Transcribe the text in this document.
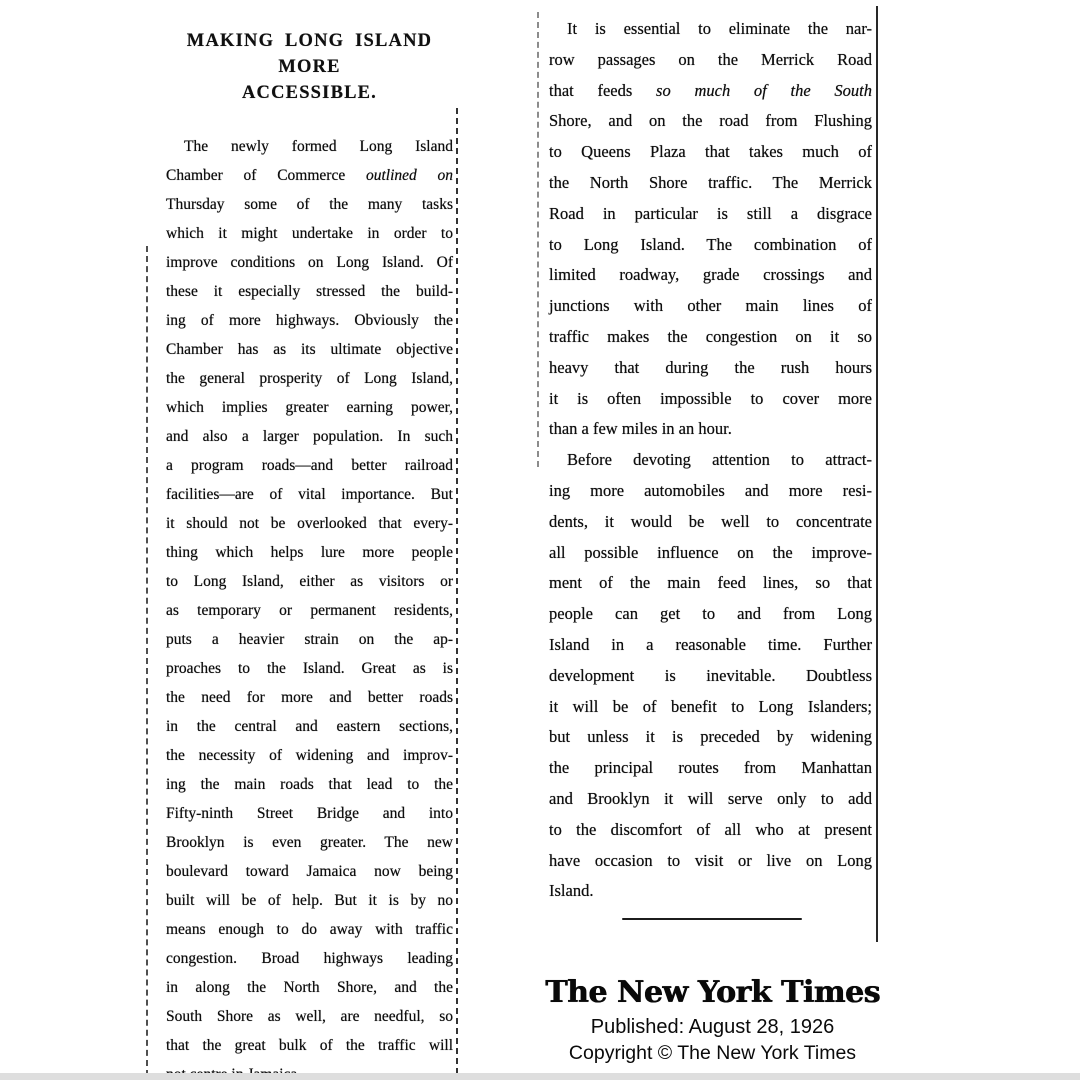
MAKING LONG ISLAND MORE
ACCESSIBLE.
The newly formed Long Island
Chamber of Commerce outlined on
Thursday some of the many tasks
which it might undertake in order to
improve conditions on Long Island. Of
these it especially stressed the build-
ing of more highways. Obviously the
Chamber has as its ultimate objective
the general prosperity of Long Island,
which implies greater earning power,
and also a larger population. In such
a program roads—and better railroad
facilities—are of vital importance. But
it should not be overlooked that every-
thing which helps lure more people
to Long Island, either as visitors or
as temporary or permanent residents,
puts a heavier strain on the ap-
proaches to the Island. Great as is
the need for more and better roads
in the central and eastern sections,
the necessity of widening and improv-
ing the main roads that lead to the
Fifty-ninth Street Bridge and into
Brooklyn is even greater. The new
boulevard toward Jamaica now being
built will be of help. But it is by no
means enough to do away with traffic
congestion. Broad highways leading
in along the North Shore, and the
South Shore as well, are needful, so
that the great bulk of the traffic will
It is essential to eliminate the nar-
row passages on the Merrick Road
that feeds so much of the South
Shore, and on the road from Flushing
to Queens Plaza that takes much of
the North Shore traffic. The Merrick
Road in particular is still a disgrace
to Long Island. The combination of
limited roadway, grade crossings and
junctions with other main lines of
traffic makes the congestion on it so
heavy that during the rush hours
it is often impossible to cover more
than a few miles in an hour.
Before devoting attention to attract-
ing more automobiles and more resi-
dents, it would be well to concentrate
all possible influence on the improve-
ment of the main feed lines, so that
people can get to and from Long
Island in a reasonable time. Further
development is inevitable. Doubtless
it will be of benefit to Long Islanders;
but unless it is preceded by widening
the principal routes from Manhattan
and Brooklyn it will serve only to add
to the discomfort of all who at present
have occasion to visit or live on Long
Island.
The New York Times
Published: August 28, 1926
Copyright © The New York Times
